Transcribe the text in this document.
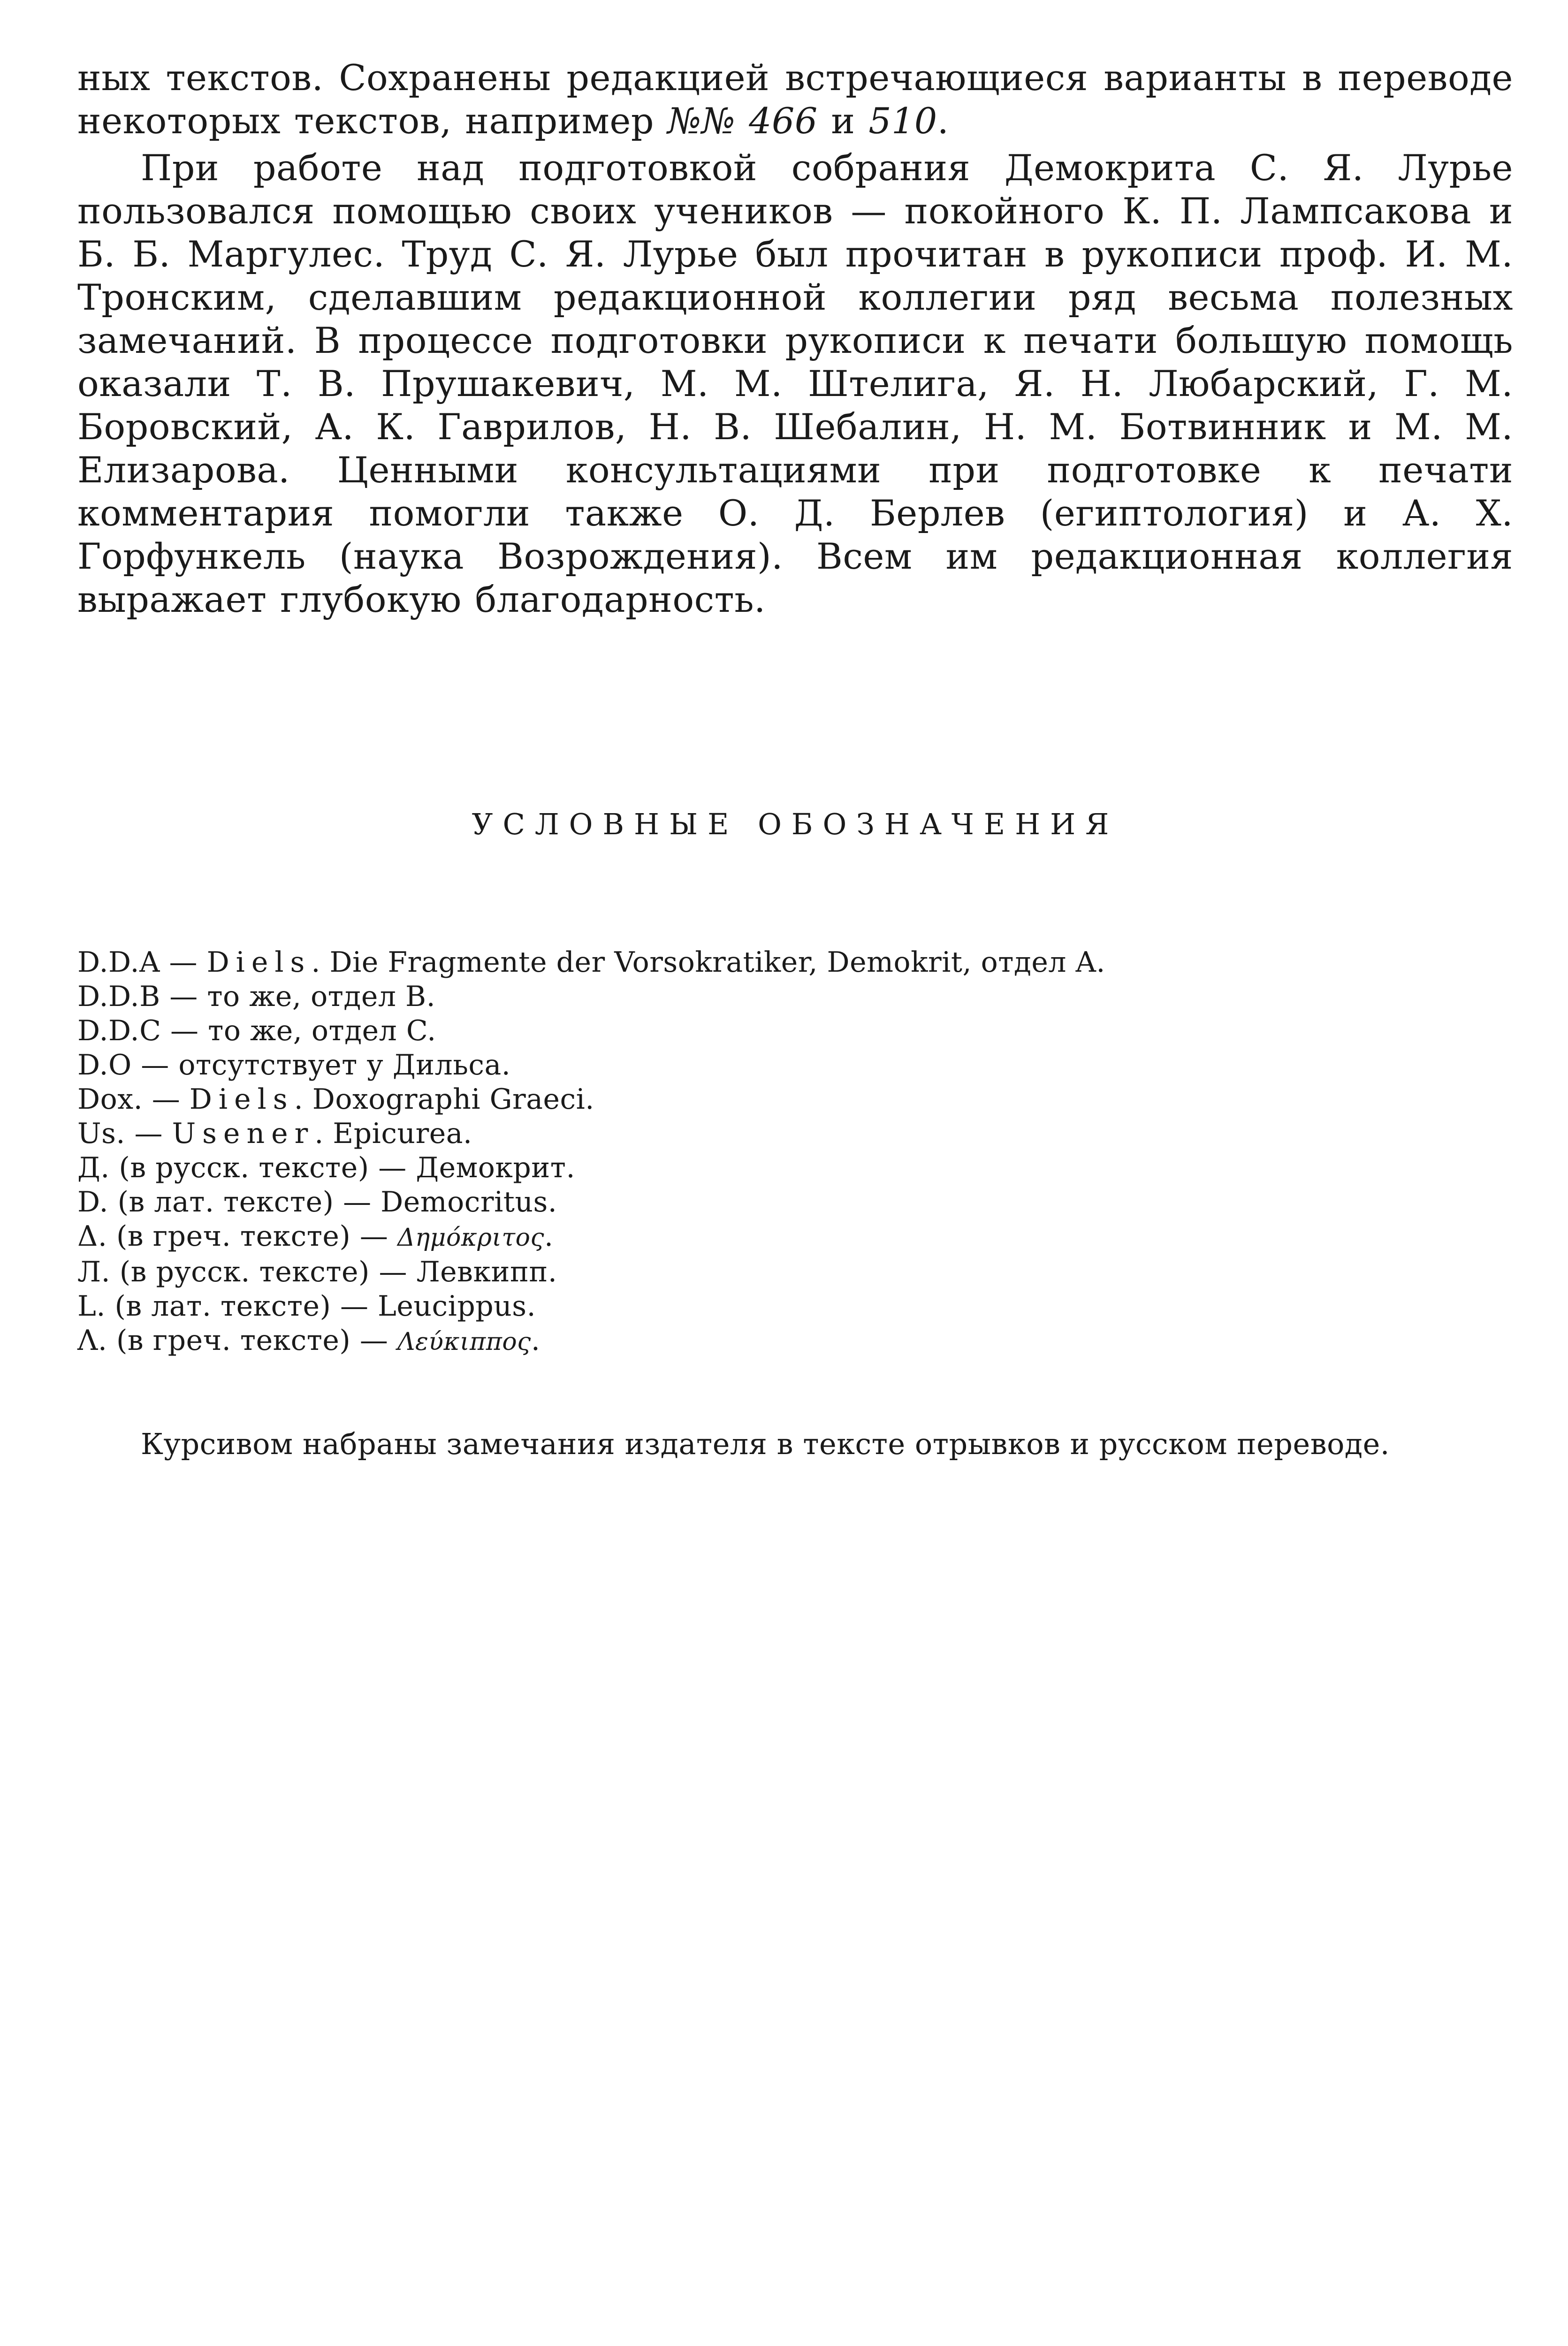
ных текстов. Сохранены редакцией встречающиеся варианты в переводе некоторых текстов, например №№ 466 и 510.

При работе над подготовкой собрания Демокрита С. Я. Лурье пользовался помощью своих учеников — покойного К. П. Лампсакова и Б. Б. Маргулес. Труд С. Я. Лурье был прочитан в рукописи проф. И. М. Тронским, сделавшим редакционной коллегии ряд весьма полезных замечаний. В процессе подготовки рукописи к печати большую помощь оказали Т. В. Прушакевич, М. М. Штелига, Я. Н. Любарский, Г. М. Боровский, А. К. Гаврилов, Н. В. Шебалин, Н. М. Ботвинник и М. М. Елизарова. Ценными консультациями при подготовке к печати комментария помогли также О. Д. Берлев (египтология) и А. Х. Горфункель (наука Возрождения). Всем им редакционная коллегия выражает глубокую благодарность.

УСЛОВНЫЕ ОБОЗНАЧЕНИЯ
D.D.A — Diels. Die Fragmente der Vorsokratiker, Demokrit, отдел A.
D.D.B — то же, отдел B.
D.D.C — то же, отдел C.
D.O — отсутствует у Дильса.
Dox. — Diels. Doxographi Graeci.
Us. — Usener. Epicurea.
Д. (в русск. тексте) — Демокрит.
D. (в лат. тексте) — Democritus.
Δ. (в греч. тексте) — Δημόκριτος.
Л. (в русск. тексте) — Левкипп.
L. (в лат. тексте) — Leucippus.
Λ. (в греч. тексте) — Λεύκιππος.

Курсивом набраны замечания издателя в тексте отрывков и русском переводе.
